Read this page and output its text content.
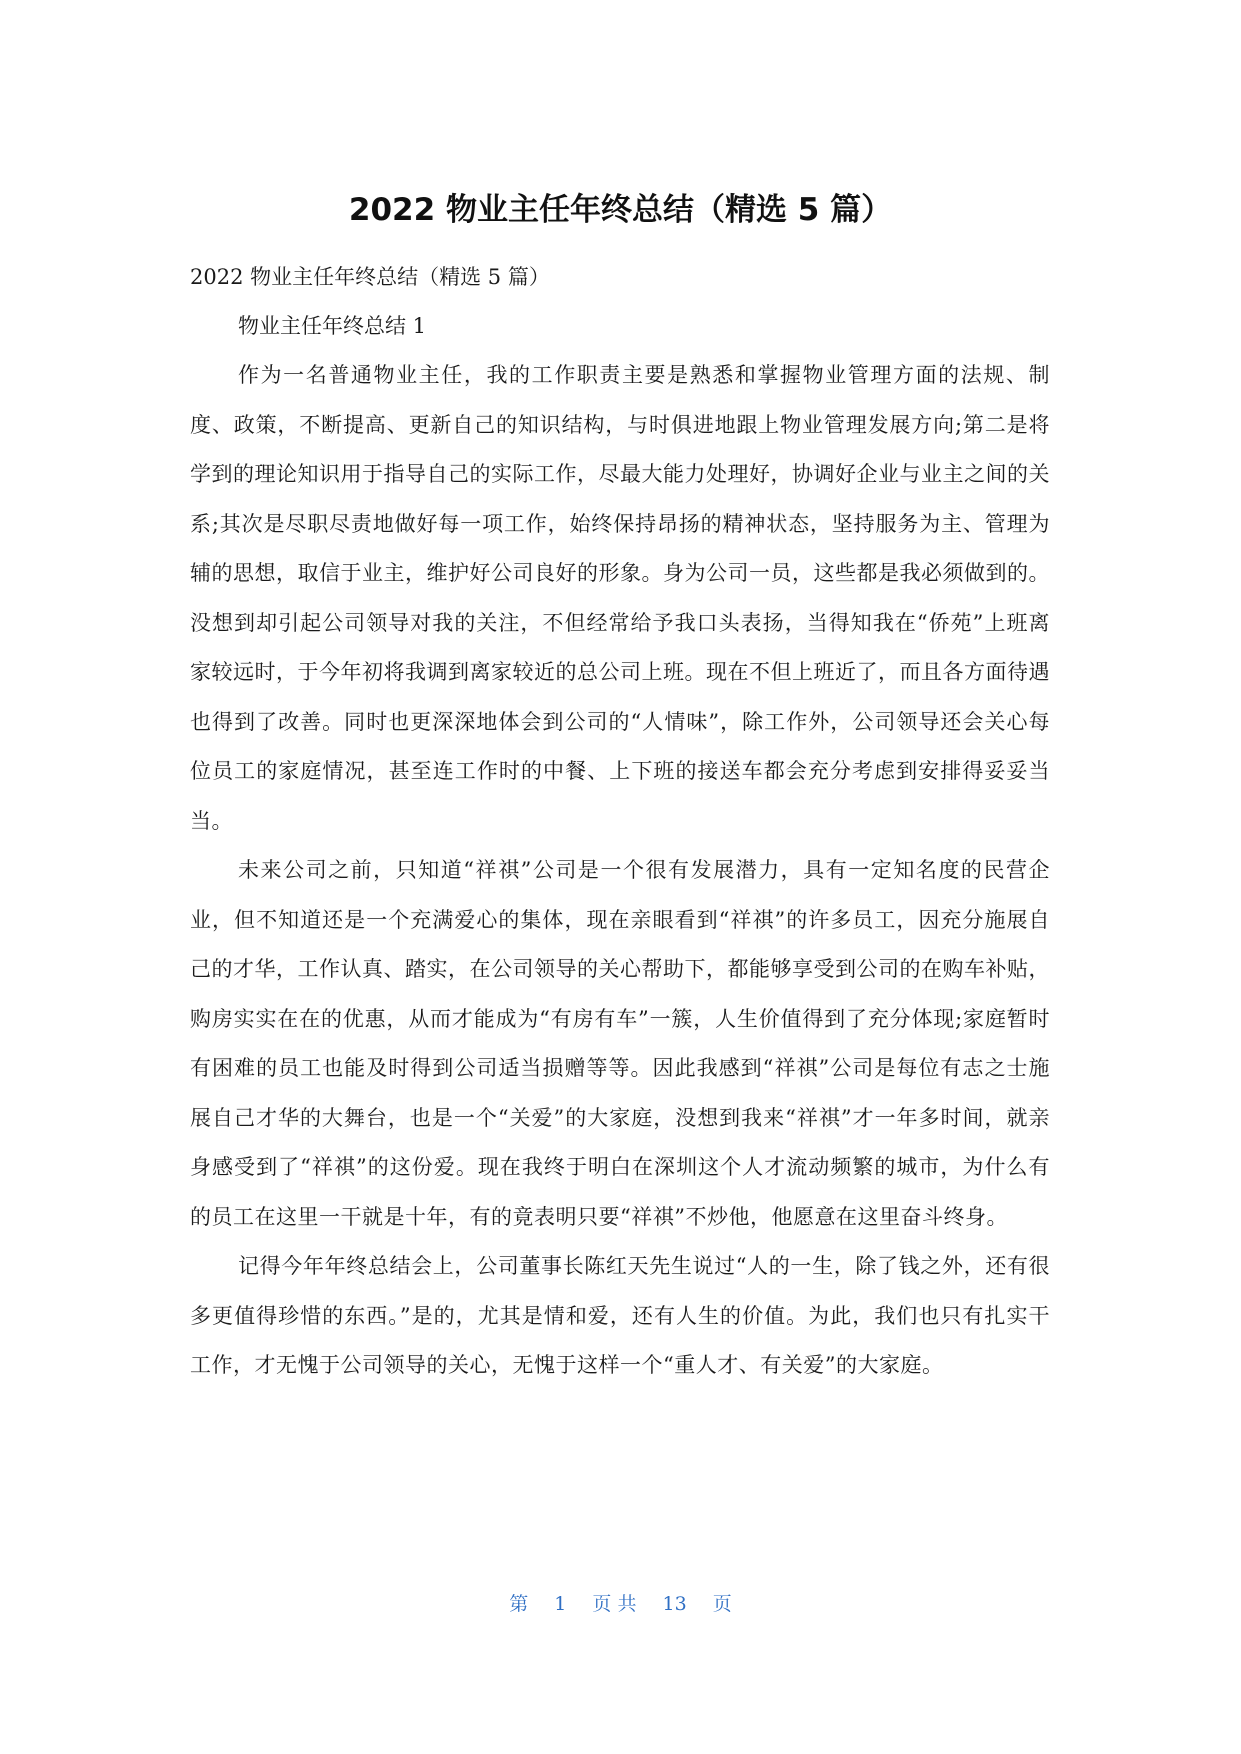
2022 物业主任年终总结（精选 5 篇）

2022 物业主任年终总结（精选 5 篇）

物业主任年终总结 1

作为一名普通物业主任，我的工作职责主要是熟悉和掌握物业管理方面的法规、制度、政策，不断提高、更新自己的知识结构，与时俱进地跟上物业管理发展方向;第二是将学到的理论知识用于指导自己的实际工作，尽最大能力处理好，协调好企业与业主之间的关系;其次是尽职尽责地做好每一项工作，始终保持昂扬的精神状态，坚持服务为主、管理为辅的思想，取信于业主，维护好公司良好的形象。身为公司一员，这些都是我必须做到的。没想到却引起公司领导对我的关注，不但经常给予我口头表扬，当得知我在“侨苑”上班离家较远时，于今年初将我调到离家较近的总公司上班。现在不但上班近了，而且各方面待遇也得到了改善。同时也更深深地体会到公司的“人情味”，除工作外，公司领导还会关心每位员工的家庭情况，甚至连工作时的中餐、上下班的接送车都会充分考虑到安排得妥妥当当。

未来公司之前，只知道“祥祺”公司是一个很有发展潜力，具有一定知名度的民营企业，但不知道还是一个充满爱心的集体，现在亲眼看到“祥祺”的许多员工，因充分施展自己的才华，工作认真、踏实，在公司领导的关心帮助下，都能够享受到公司的在购车补贴，购房实实在在的优惠，从而才能成为“有房有车”一簇，人生价值得到了充分体现;家庭暂时有困难的员工也能及时得到公司适当损赠等等。因此我感到“祥祺”公司是每位有志之士施展自己才华的大舞台，也是一个“关爱”的大家庭，没想到我来“祥祺”才一年多时间，就亲身感受到了“祥祺”的这份爱。现在我终于明白在深圳这个人才流动频繁的城市，为什么有的员工在这里一干就是十年，有的竟表明只要“祥祺”不炒他，他愿意在这里奋斗终身。

记得今年年终总结会上，公司董事长陈红天先生说过“人的一生，除了钱之外，还有很多更值得珍惜的东西。”是的，尤其是情和爱，还有人生的价值。为此，我们也只有扎实干工作，才无愧于公司领导的关心，无愧于这样一个“重人才、有关爱”的大家庭。

第 1 页 共 13 页
